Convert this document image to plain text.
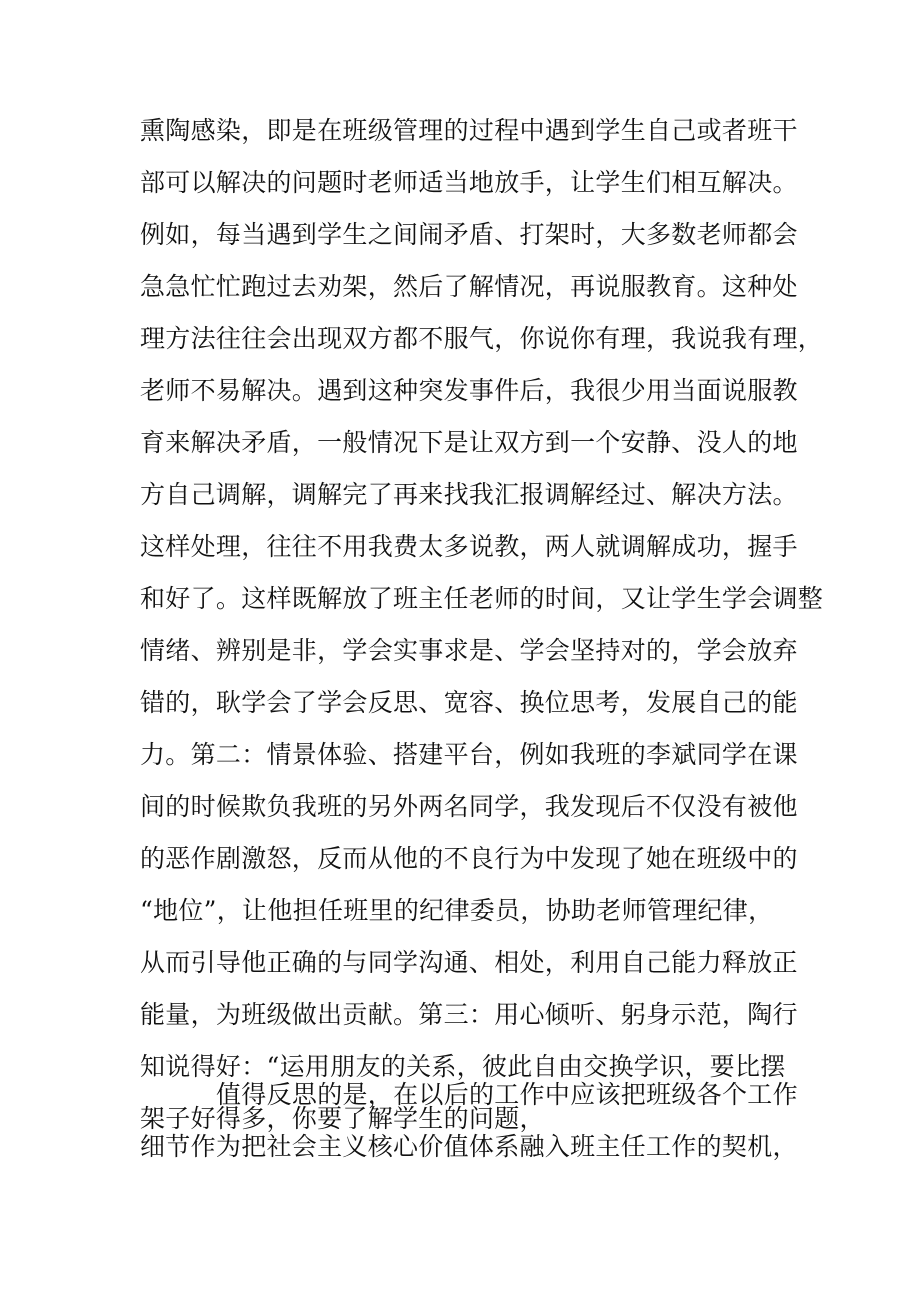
熏陶感染，即是在班级管理的过程中遇到学生自己或者班干
部可以解决的问题时老师适当地放手，让学生们相互解决。
例如，每当遇到学生之间闹矛盾、打架时，大多数老师都会
急急忙忙跑过去劝架，然后了解情况，再说服教育。这种处
理方法往往会出现双方都不服气，你说你有理，我说我有理，
老师不易解决。遇到这种突发事件后，我很少用当面说服教
育来解决矛盾，一般情况下是让双方到一个安静、没人的地
方自己调解，调解完了再来找我汇报调解经过、解决方法。
这样处理，往往不用我费太多说教，两人就调解成功，握手
和好了。这样既解放了班主任老师的时间，又让学生学会调整
情绪、辨别是非，学会实事求是、学会坚持对的，学会放弃
错的，耿学会了学会反思、宽容、换位思考，发展自己的能
力。第二：情景体验、搭建平台，例如我班的李斌同学在课
间的时候欺负我班的另外两名同学，我发现后不仅没有被他
的恶作剧激怒，反而从他的不良行为中发现了她在班级中的
“地位”，让他担任班里的纪律委员，协助老师管理纪律，
从而引导他正确的与同学沟通、相处，利用自己能力释放正
能量，为班级做出贡献。第三：用心倾听、躬身示范，陶行
知说得好：“运用朋友的关系，彼此自由交换学识，要比摆
架子好得多，你要了解学生的问题，
值得反思的是，在以后的工作中应该把班级各个工作
细节作为把社会主义核心价值体系融入班主任工作的契机，
